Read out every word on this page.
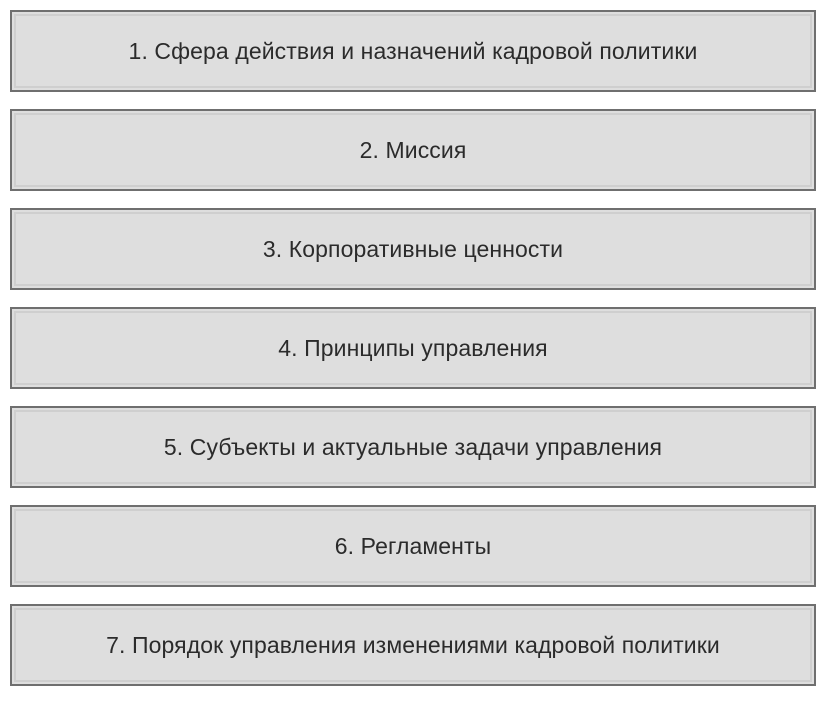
1. Сфера действия и назначений кадровой политики
2. Миссия
3. Корпоративные ценности
4. Принципы управления
5. Субъекты и актуальные задачи управления
6. Регламенты
7. Порядок управления изменениями кадровой политики
